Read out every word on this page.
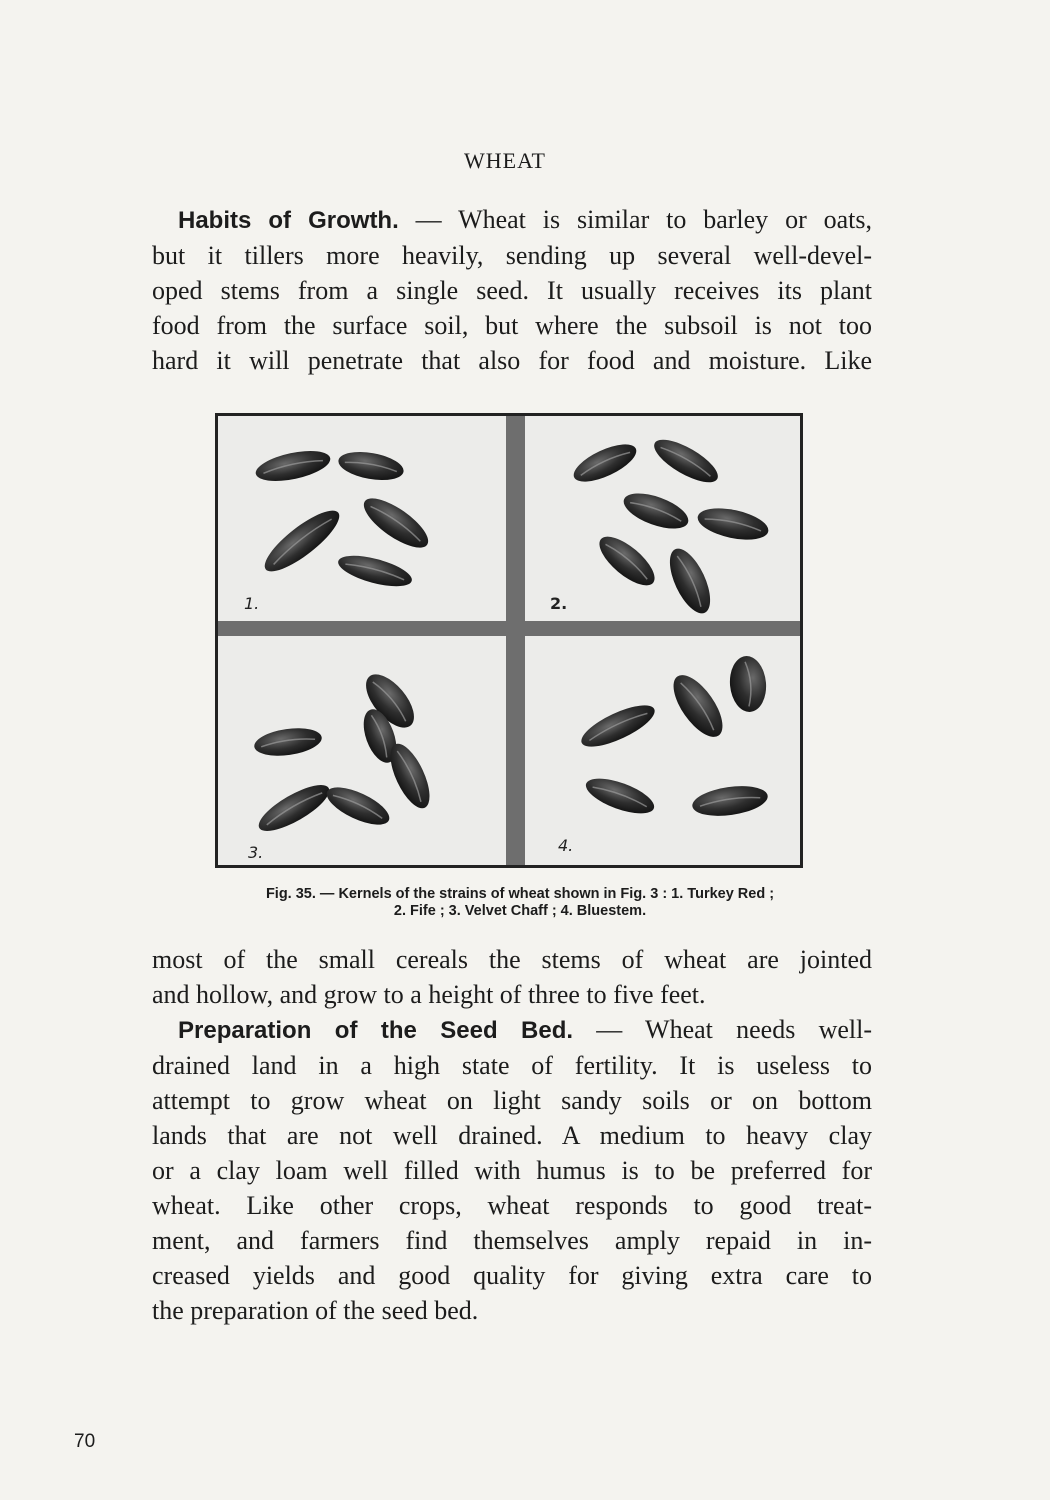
WHEAT
Habits of Growth. — Wheat is similar to barley or oats,
but it tillers more heavily, sending up several well-devel-
oped stems from a single seed. It usually receives its plant
food from the surface soil, but where the subsoil is not too
hard it will penetrate that also for food and moisture. Like
1.	2.
3.	4.
Fig. 35. — Kernels of the strains of wheat shown in Fig. 3 : 1. Turkey Red ;
2. Fife ; 3. Velvet Chaff ; 4. Bluestem.
most of the small cereals the stems of wheat are jointed
and hollow, and grow to a height of three to five feet.
Preparation of the Seed Bed. — Wheat needs well-
drained land in a high state of fertility. It is useless to
attempt to grow wheat on light sandy soils or on bottom
lands that are not well drained. A medium to heavy clay
or a clay loam well filled with humus is to be preferred for
wheat. Like other crops, wheat responds to good treat-
ment, and farmers find themselves amply repaid in in-
creased yields and good quality for giving extra care to
the preparation of the seed bed.
70
